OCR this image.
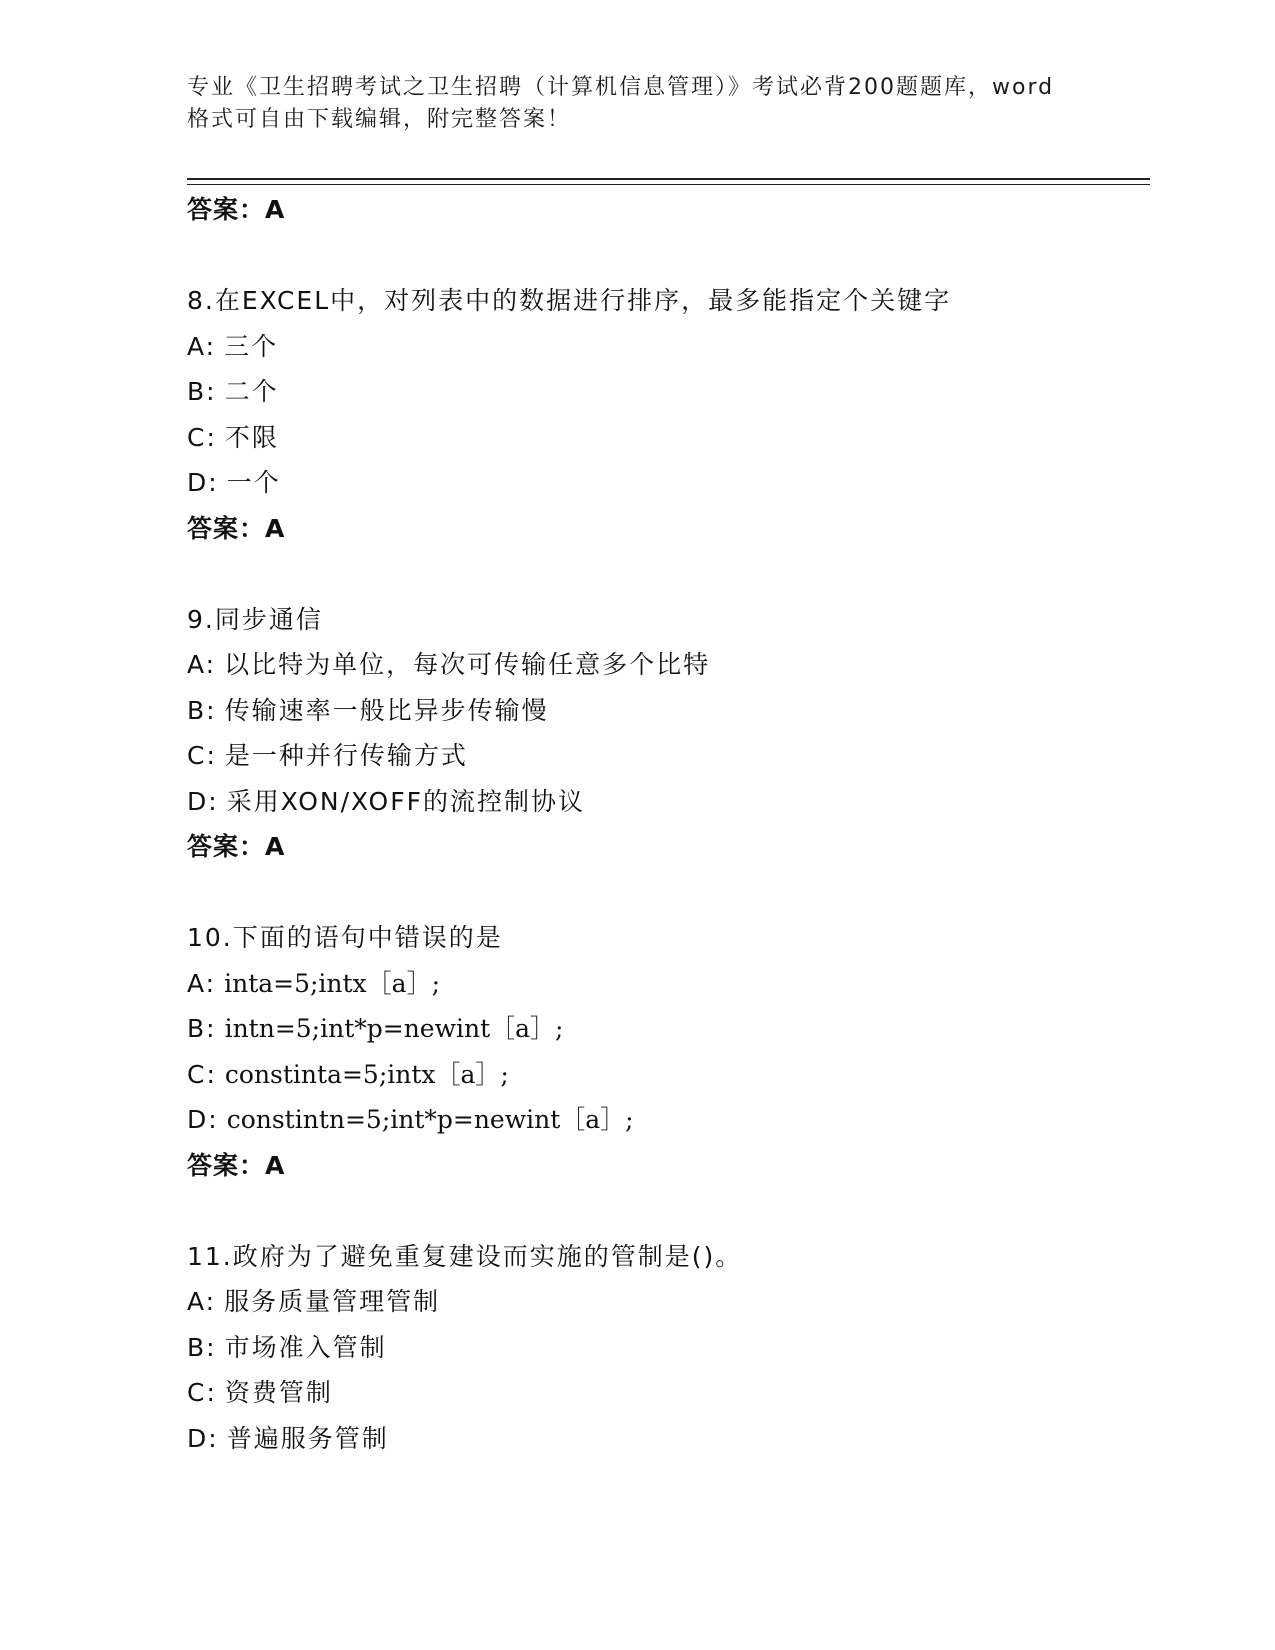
专业《卫生招聘考试之卫生招聘（计算机信息管理）》考试必背200题题库，word
格式可自由下载编辑，附完整答案！
答案：A
8.在EXCEL中，对列表中的数据进行排序，最多能指定个关键字
A: 三个
B: 二个
C: 不限
D: 一个
答案：A
9.同步通信
A: 以比特为单位，每次可传输任意多个比特
B: 传输速率一般比异步传输慢
C: 是一种并行传输方式
D: 采用XON/XOFF的流控制协议
答案：A
10.下面的语句中错误的是
A: inta=5;intx［a］;
B: intn=5;int*p=newint［a］;
C: constinta=5;intx［a］;
D: constintn=5;int*p=newint［a］;
答案：A
11.政府为了避免重复建设而实施的管制是()。
A: 服务质量管理管制
B: 市场准入管制
C: 资费管制
D: 普遍服务管制
